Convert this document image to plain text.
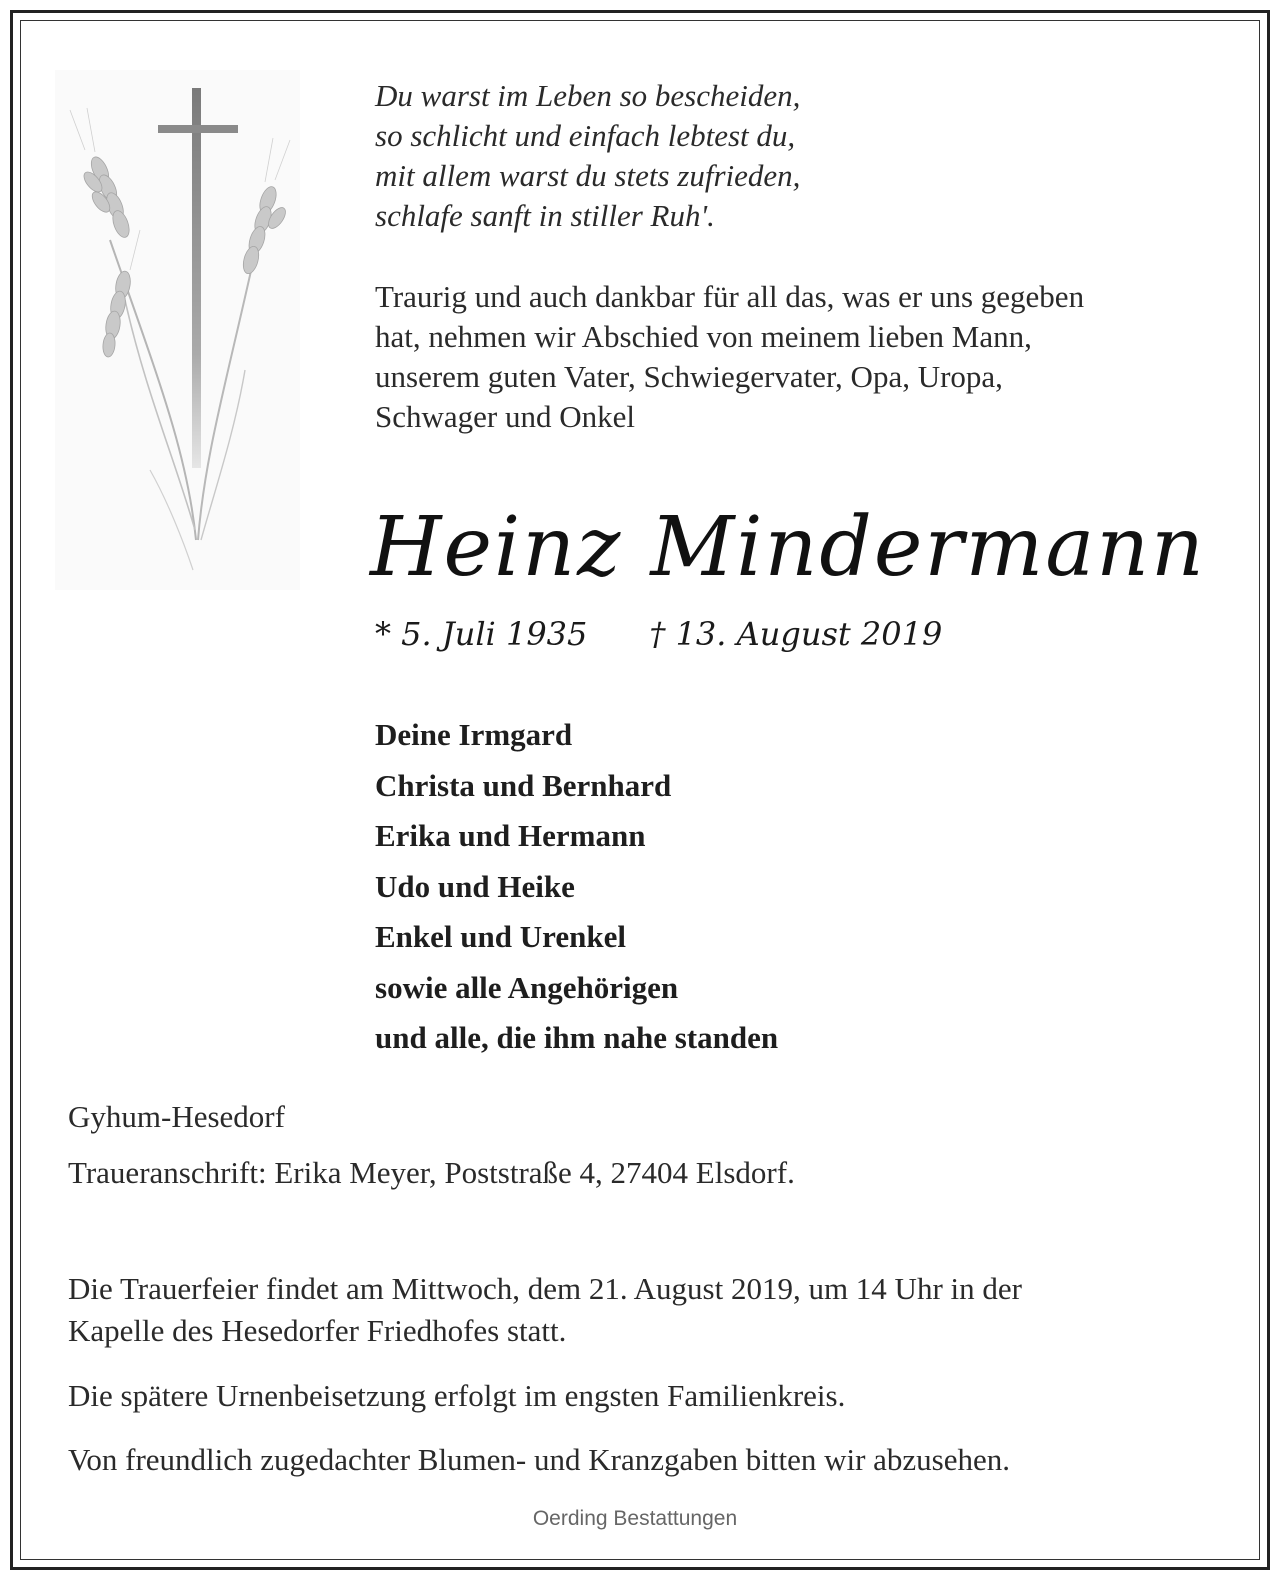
Du warst im Leben so bescheiden,
so schlicht und einfach lebtest du,
mit allem warst du stets zufrieden,
schlafe sanft in stiller Ruh'.
Traurig und auch dankbar für all das, was er uns gegeben
hat, nehmen wir Abschied von meinem lieben Mann,
unserem guten Vater, Schwiegervater, Opa, Uropa,
Schwager und Onkel
Heinz Mindermann
* 5. Juli 1935 † 13. August 2019
Deine Irmgard
Christa und Bernhard
Erika und Hermann
Udo und Heike
Enkel und Urenkel
sowie alle Angehörigen
und alle, die ihm nahe standen
Gyhum-Hesedorf
Traueranschrift: Erika Meyer, Poststraße 4, 27404 Elsdorf.
Die Trauerfeier findet am Mittwoch, dem 21. August 2019, um 14 Uhr in der
Kapelle des Hesedorfer Friedhofes statt.
Die spätere Urnenbeisetzung erfolgt im engsten Familienkreis.
Von freundlich zugedachter Blumen- und Kranzgaben bitten wir abzusehen.
Oerding Bestattungen
